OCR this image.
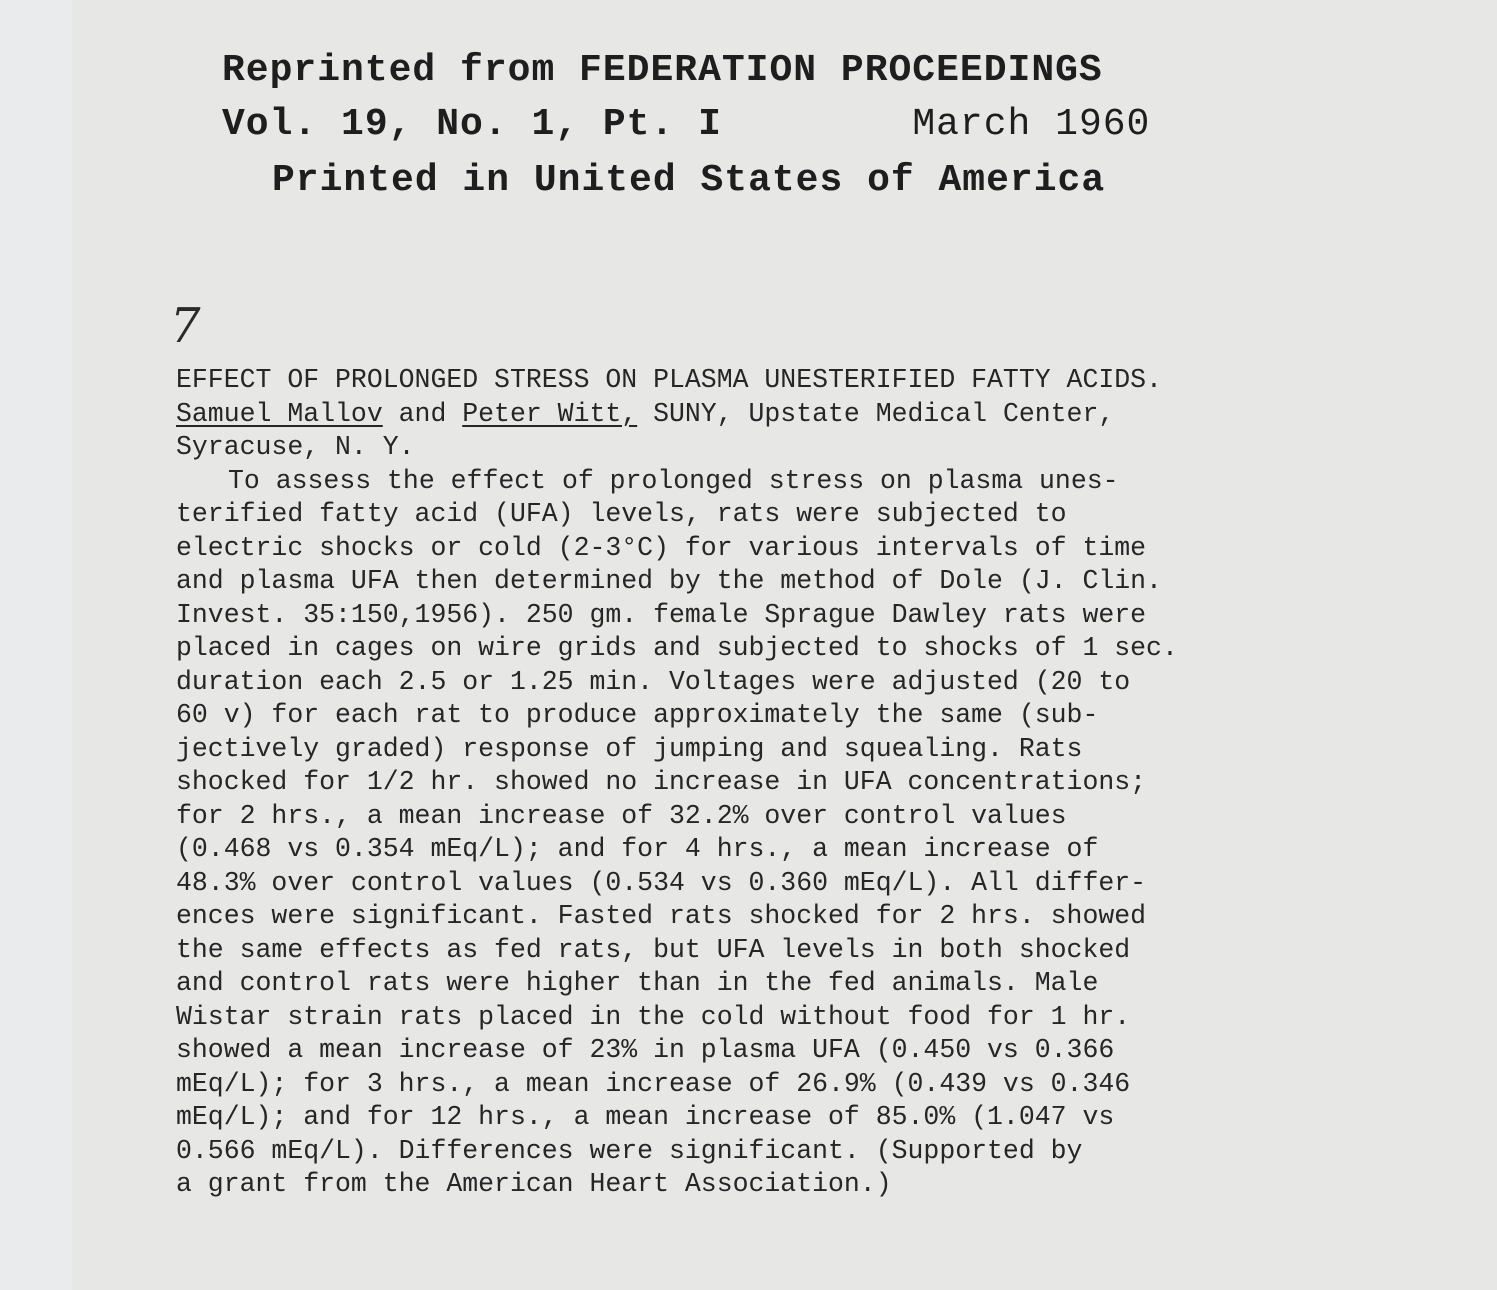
Reprinted from FEDERATION PROCEEDINGS
Vol. 19, No. 1, Pt. I	March 1960
Printed in United States of America
7
EFFECT OF PROLONGED STRESS ON PLASMA UNESTERIFIED FATTY ACIDS.
Samuel Mallov and Peter Witt, SUNY, Upstate Medical Center,
Syracuse, N. Y.
To assess the effect of prolonged stress on plasma unes-
terified fatty acid (UFA) levels, rats were subjected to
electric shocks or cold (2-3°C) for various intervals of time
and plasma UFA then determined by the method of Dole (J. Clin.
Invest. 35:150,1956). 250 gm. female Sprague Dawley rats were
placed in cages on wire grids and subjected to shocks of 1 sec.
duration each 2.5 or 1.25 min. Voltages were adjusted (20 to
60 v) for each rat to produce approximately the same (sub-
jectively graded) response of jumping and squealing. Rats
shocked for 1/2 hr. showed no increase in UFA concentrations;
for 2 hrs., a mean increase of 32.2% over control values
(0.468 vs 0.354 mEq/L); and for 4 hrs., a mean increase of
48.3% over control values (0.534 vs 0.360 mEq/L). All differ-
ences were significant. Fasted rats shocked for 2 hrs. showed
the same effects as fed rats, but UFA levels in both shocked
and control rats were higher than in the fed animals. Male
Wistar strain rats placed in the cold without food for 1 hr.
showed a mean increase of 23% in plasma UFA (0.450 vs 0.366
mEq/L); for 3 hrs., a mean increase of 26.9% (0.439 vs 0.346
mEq/L); and for 12 hrs., a mean increase of 85.0% (1.047 vs
0.566 mEq/L). Differences were significant. (Supported by
a grant from the American Heart Association.)
